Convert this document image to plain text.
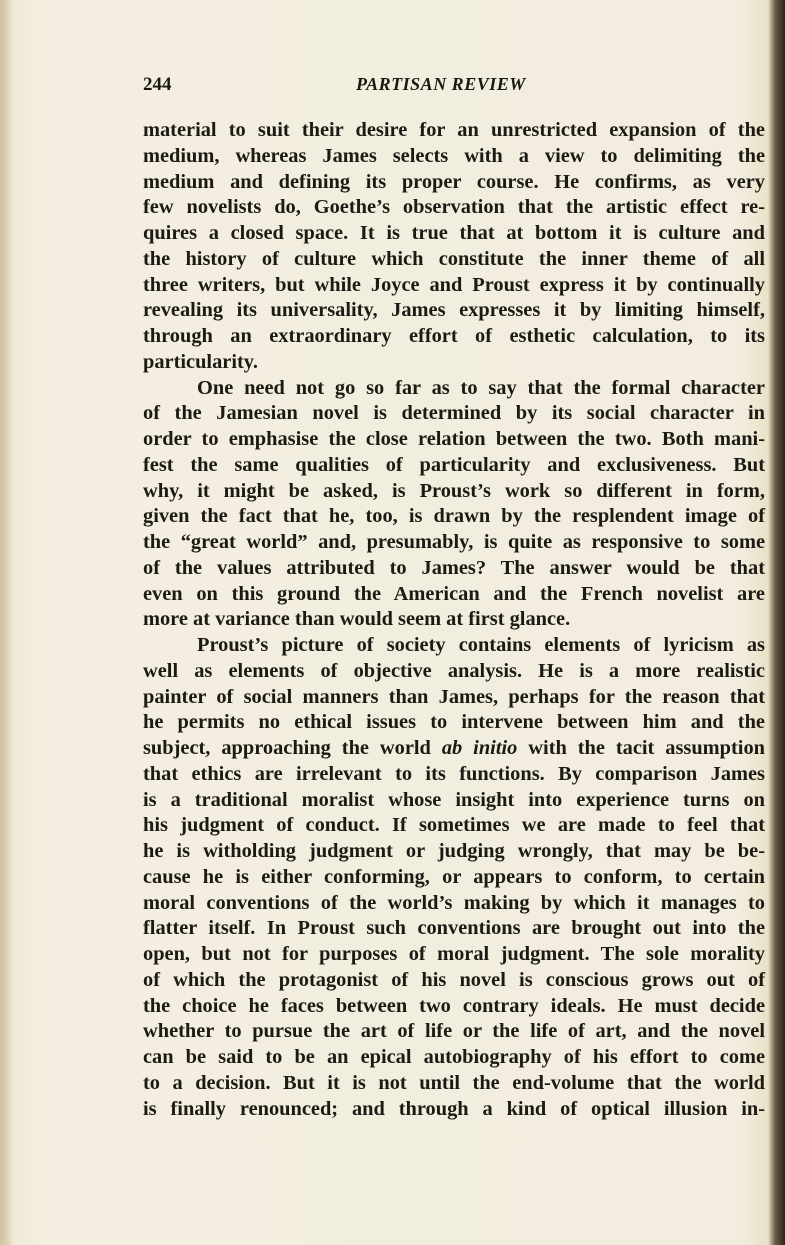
244	PARTISAN REVIEW
material to suit their desire for an unrestricted expansion of the
medium, whereas James selects with a view to delimiting the
medium and defining its proper course. He confirms, as very
few novelists do, Goethe’s observation that the artistic effect re-
quires a closed space. It is true that at bottom it is culture and
the history of culture which constitute the inner theme of all
three writers, but while Joyce and Proust express it by continually
revealing its universality, James expresses it by limiting himself,
through an extraordinary effort of esthetic calculation, to its
particularity.
One need not go so far as to say that the formal character
of the Jamesian novel is determined by its social character in
order to emphasise the close relation between the two. Both mani-
fest the same qualities of particularity and exclusiveness. But
why, it might be asked, is Proust’s work so different in form,
given the fact that he, too, is drawn by the resplendent image of
the “great world” and, presumably, is quite as responsive to some
of the values attributed to James? The answer would be that
even on this ground the American and the French novelist are
more at variance than would seem at first glance.
Proust’s picture of society contains elements of lyricism as
well as elements of objective analysis. He is a more realistic
painter of social manners than James, perhaps for the reason that
he permits no ethical issues to intervene between him and the
subject, approaching the world ab initio with the tacit assumption
that ethics are irrelevant to its functions. By comparison James
is a traditional moralist whose insight into experience turns on
his judgment of conduct. If sometimes we are made to feel that
he is witholding judgment or judging wrongly, that may be be-
cause he is either conforming, or appears to conform, to certain
moral conventions of the world’s making by which it manages to
flatter itself. In Proust such conventions are brought out into the
open, but not for purposes of moral judgment. The sole morality
of which the protagonist of his novel is conscious grows out of
the choice he faces between two contrary ideals. He must decide
whether to pursue the art of life or the life of art, and the novel
can be said to be an epical autobiography of his effort to come
to a decision. But it is not until the end-volume that the world
is finally renounced; and through a kind of optical illusion in-
